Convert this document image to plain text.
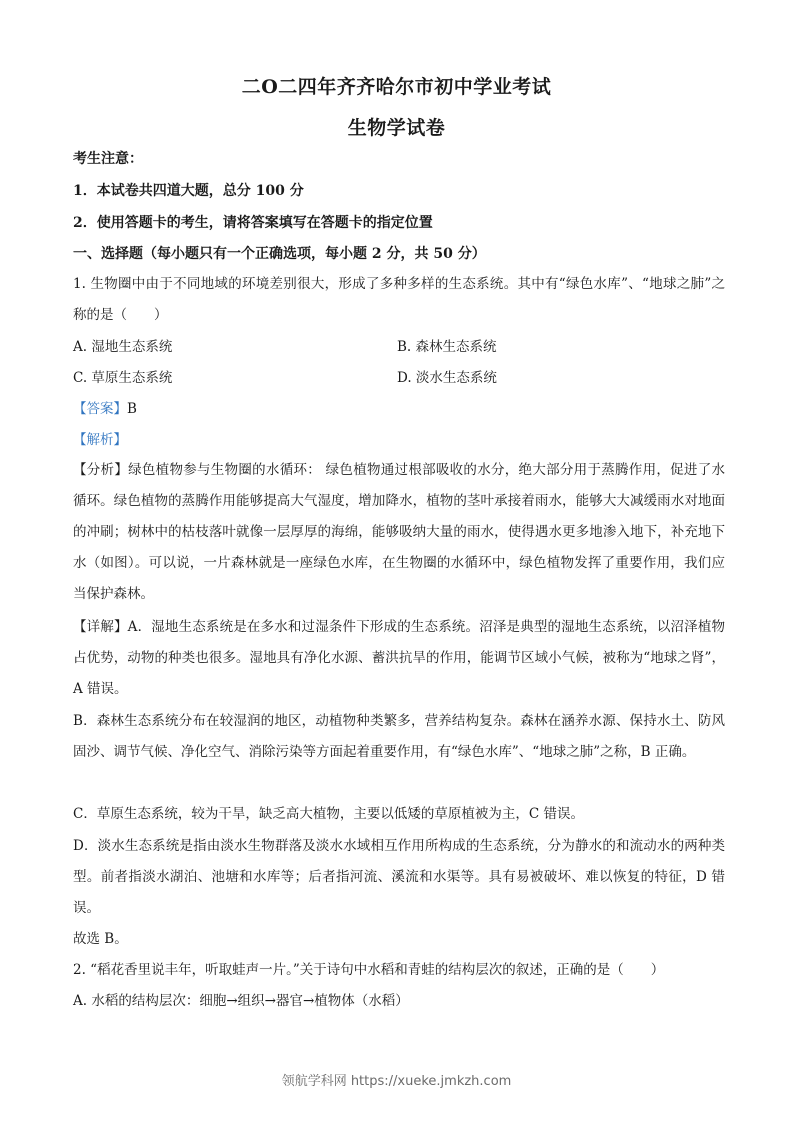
二O二四年齐齐哈尔市初中学业考试
生物学试卷

考生注意：

1．本试卷共四道大题，总分 100 分

2．使用答题卡的考生，请将答案填写在答题卡的指定位置

一、选择题（每小题只有一个正确选项，每小题 2 分，共 50 分）

1. 生物圈中由于不同地域的环境差别很大，形成了多种多样的生态系统。其中有“绿色水库”、“地球之肺”之称的是（　　）

A. 湿地生态系统	B. 森林生态系统

C. 草原生态系统	D. 淡水生态系统

【答案】B

【解析】

【分析】绿色植物参与生物圈的水循环： 绿色植物通过根部吸收的水分，绝大部分用于蒸腾作用，促进了水循环。绿色植物的蒸腾作用能够提高大气湿度，增加降水，植物的茎叶承接着雨水，能够大大减缓雨水对地面的冲刷；树林中的枯枝落叶就像一层厚厚的海绵，能够吸纳大量的雨水，使得遇水更多地渗入地下，补充地下水（如图）。可以说，一片森林就是一座绿色水库，在生物圈的水循环中，绿色植物发挥了重要作用，我们应当保护森林。

【详解】A．湿地生态系统是在多水和过湿条件下形成的生态系统。沼泽是典型的湿地生态系统，以沼泽植物占优势，动物的种类也很多。湿地具有净化水源、蓄洪抗旱的作用，能调节区域小气候，被称为“地球之肾”，A 错误。

B．森林生态系统分布在较湿润的地区，动植物种类繁多，营养结构复杂。森林在涵养水源、保持水土、防风固沙、调节气候、净化空气、消除污染等方面起着重要作用，有“绿色水库”、“地球之肺”之称，B 正确。

C．草原生态系统，较为干旱，缺乏高大植物，主要以低矮的草原植被为主，C 错误。

D．淡水生态系统是指由淡水生物群落及淡水水域相互作用所构成的生态系统，分为静水的和流动水的两种类型。前者指淡水湖泊、池塘和水库等；后者指河流、溪流和水渠等。具有易被破坏、难以恢复的特征，D 错误。

故选 B。

2. “稻花香里说丰年，听取蛙声一片。”关于诗句中水稻和青蛙的结构层次的叙述，正确的是（　　）

A. 水稻的结构层次：细胞→组织→器官→植物体（水稻）

领航学科网 https://xueke.jmkzh.com
